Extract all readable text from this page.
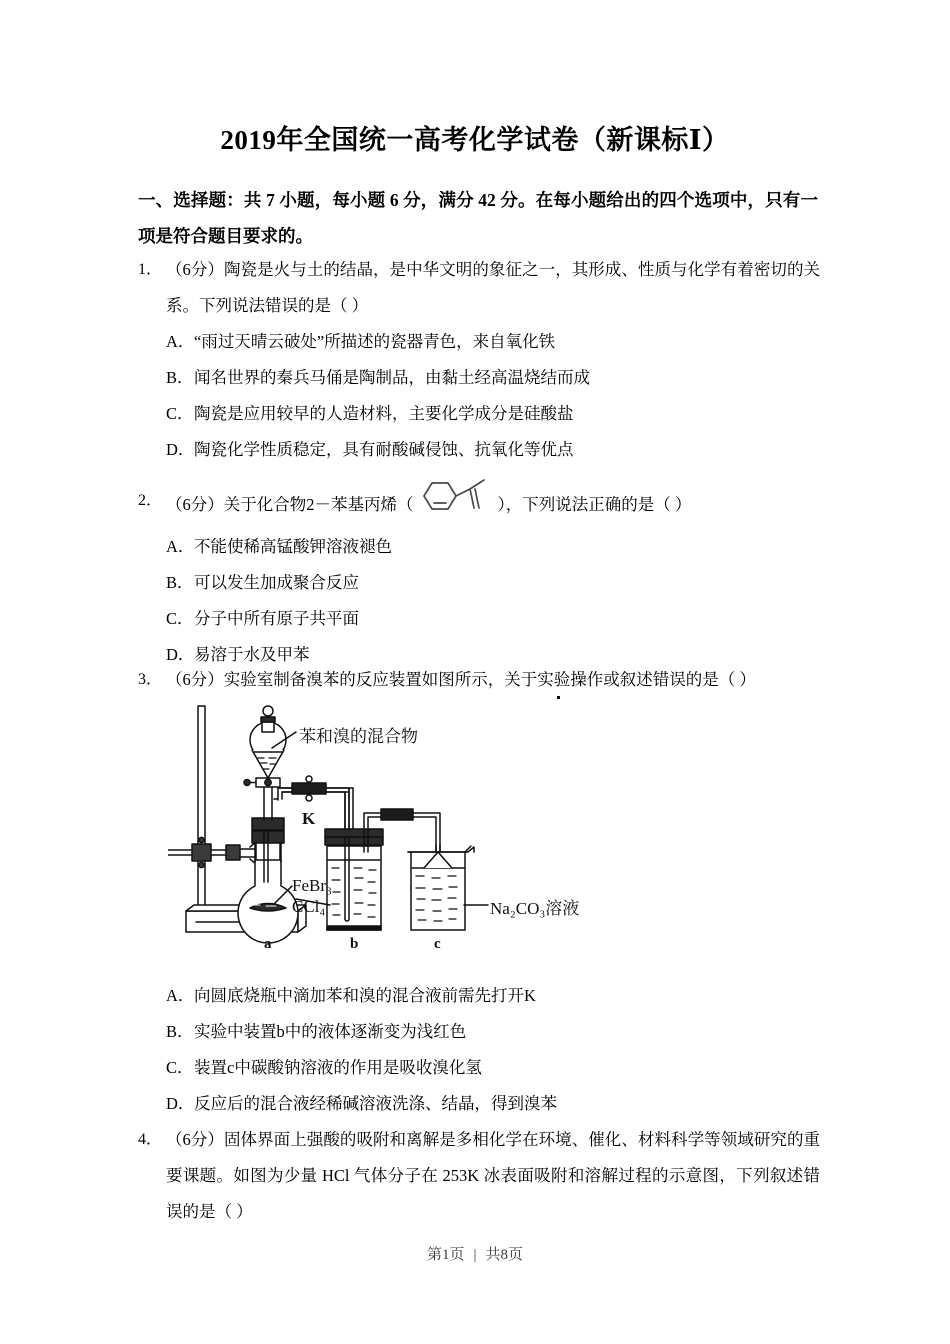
2019年全国统一高考化学试卷（新课标Ⅰ）
一、选择题：共 7 小题，每小题 6 分，满分 42 分。在每小题给出的四个选项中，只有一项是符合题目要求的。
1． （6分）陶瓷是火与土的结晶，是中华文明的象征之一，其形成、性质与化学有着密切的关系。下列说法错误的是（ ）
A． “雨过天晴云破处”所描述的瓷器青色，来自氧化铁
B． 闻名世界的秦兵马俑是陶制品，由黏土经高温烧结而成
C． 陶瓷是应用较早的人造材料，主要化学成分是硅酸盐
D． 陶瓷化学性质稳定，具有耐酸碱侵蚀、抗氧化等优点
2． （6分）关于化合物2－苯基丙烯（	），下列说法正确的是（ ）
A． 不能使稀高锰酸钾溶液褪色
B． 可以发生加成聚合反应
C． 分子中所有原子共平面
D． 易溶于水及甲苯
3． （6分）实验室制备溴苯的反应装置如图所示，关于实验操作或叙述错误的是（ ）
苯和溴的混合物
K
FeBr₃
CCl₄	Na₂CO₃溶液
a	b	c
A． 向圆底烧瓶中滴加苯和溴的混合液前需先打开K
B． 实验中装置b中的液体逐渐变为浅红色
C． 装置c中碳酸钠溶液的作用是吸收溴化氢
D． 反应后的混合液经稀碱溶液洗涤、结晶，得到溴苯
4． （6分）固体界面上强酸的吸附和离解是多相化学在环境、催化、材料科学等领域研究的重要课题。如图为少量 HCl 气体分子在 253K 冰表面吸附和溶解过程的示意图，下列叙述错误的是（ ）
第1页 | 共8页
